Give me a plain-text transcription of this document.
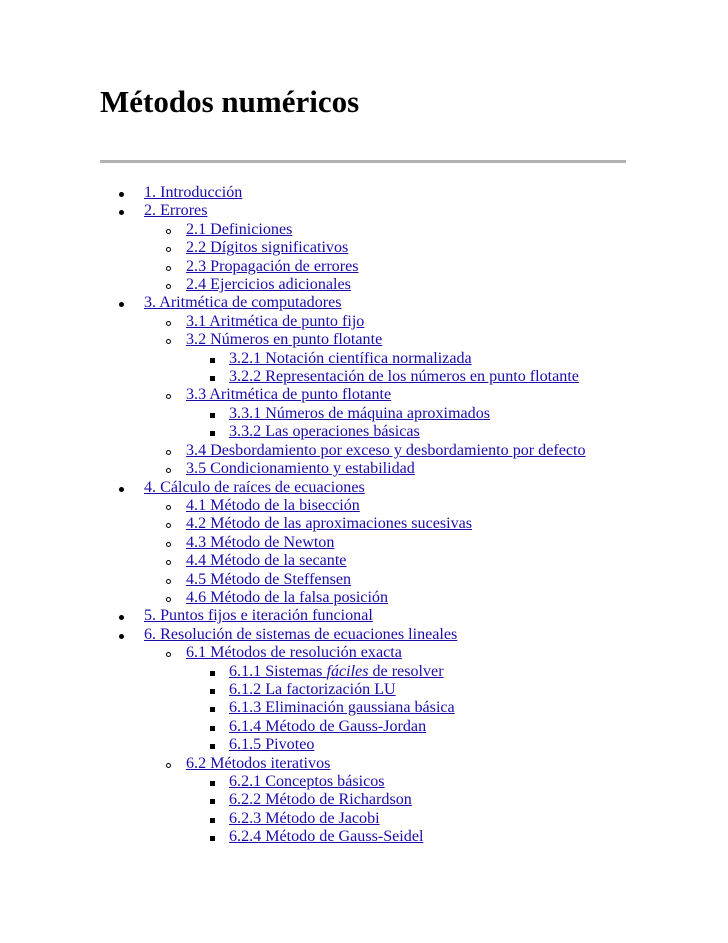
Métodos numéricos
1. Introducción
2. Errores
2.1 Definiciones
2.2 Dígitos significativos
2.3 Propagación de errores
2.4 Ejercicios adicionales
3. Aritmética de computadores
3.1 Aritmética de punto fijo
3.2 Números en punto flotante
3.2.1 Notación científica normalizada
3.2.2 Representación de los números en punto flotante
3.3 Aritmética de punto flotante
3.3.1 Números de máquina aproximados
3.3.2 Las operaciones básicas
3.4 Desbordamiento por exceso y desbordamiento por defecto
3.5 Condicionamiento y estabilidad
4. Cálculo de raíces de ecuaciones
4.1 Método de la bisección
4.2 Método de las aproximaciones sucesivas
4.3 Método de Newton
4.4 Método de la secante
4.5 Método de Steffensen
4.6 Método de la falsa posición
5. Puntos fijos e iteración funcional
6. Resolución de sistemas de ecuaciones lineales
6.1 Métodos de resolución exacta
6.1.1 Sistemas fáciles de resolver
6.1.2 La factorización LU
6.1.3 Eliminación gaussiana básica
6.1.4 Método de Gauss-Jordan
6.1.5 Pivoteo
6.2 Métodos iterativos
6.2.1 Conceptos básicos
6.2.2 Método de Richardson
6.2.3 Método de Jacobi
6.2.4 Método de Gauss-Seidel
